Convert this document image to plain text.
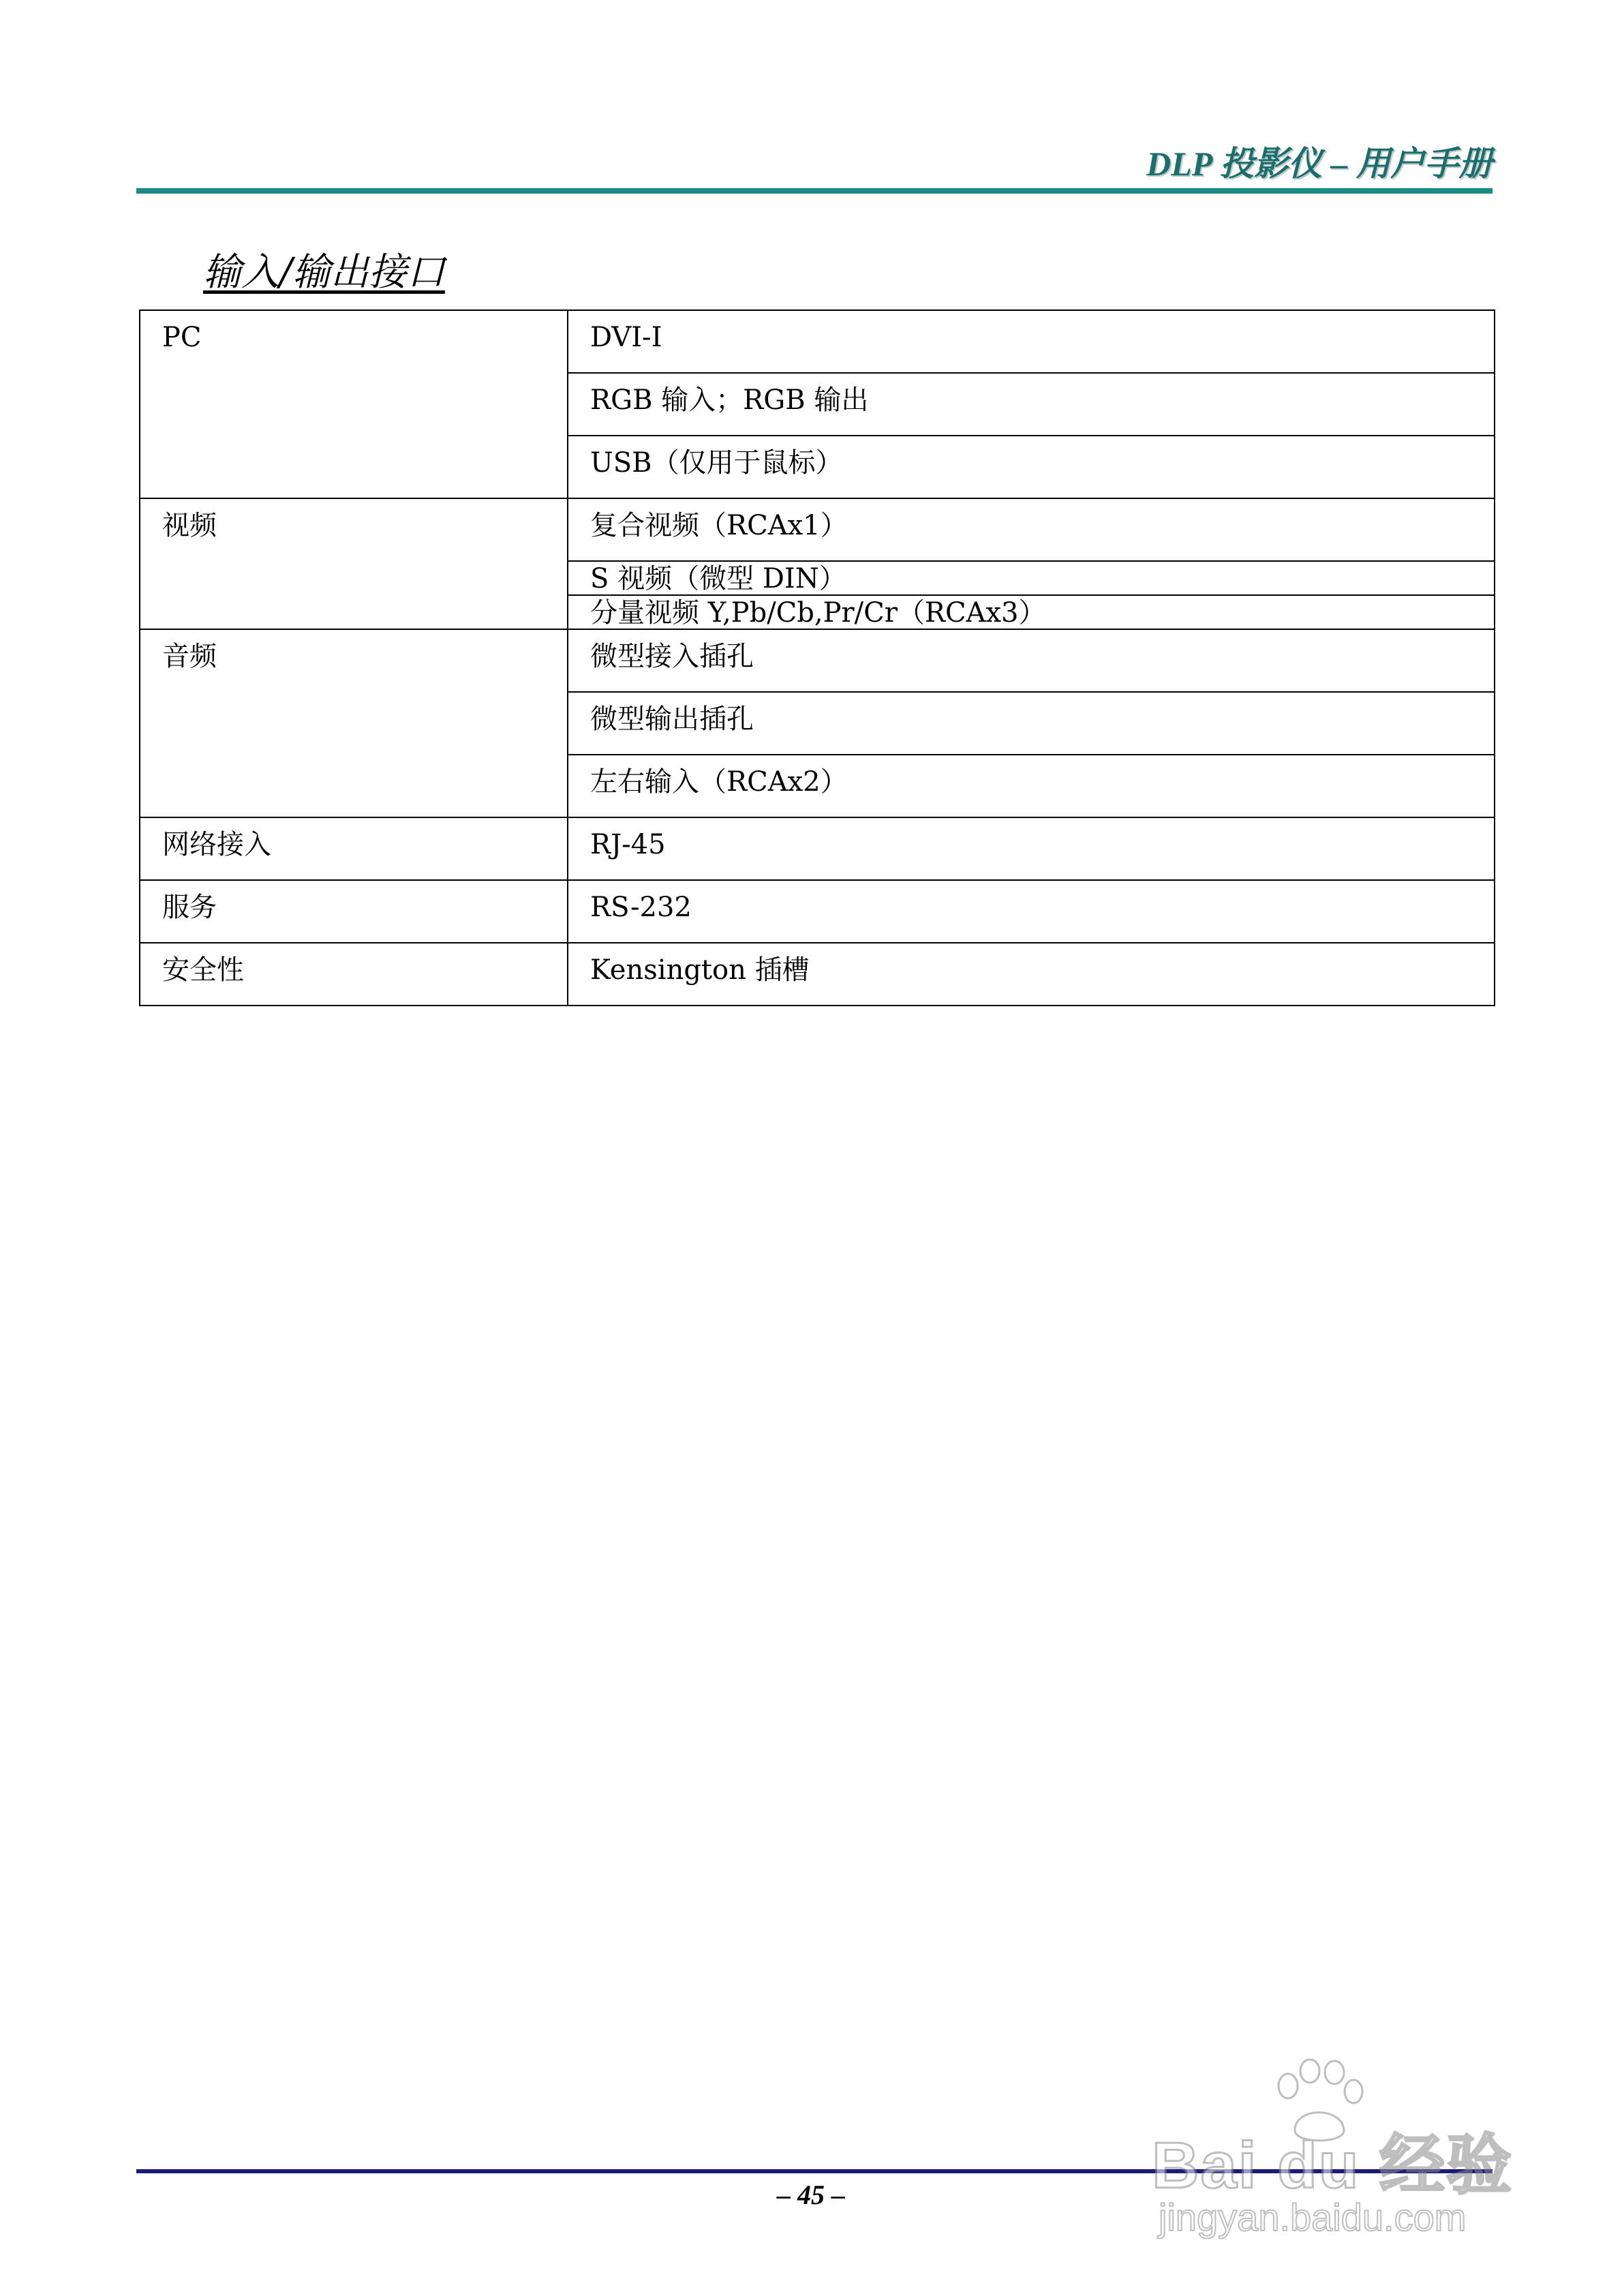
DLP 投影仪 – 用户手册
输入/输出接口
PC	DVI-I
	RGB 输入；RGB 输出
	USB（仅用于鼠标）
视频	复合视频（RCAx1）
	S 视频（微型 DIN）
	分量视频 Y,Pb/Cb,Pr/Cr（RCAx3）
音频	微型接入插孔
	微型输出插孔
	左右输入（RCAx2）
网络接入	RJ-45
服务	RS-232
安全性	Kensington 插槽
– 45 –	Bai du 经验
jingyan.baidu.com
